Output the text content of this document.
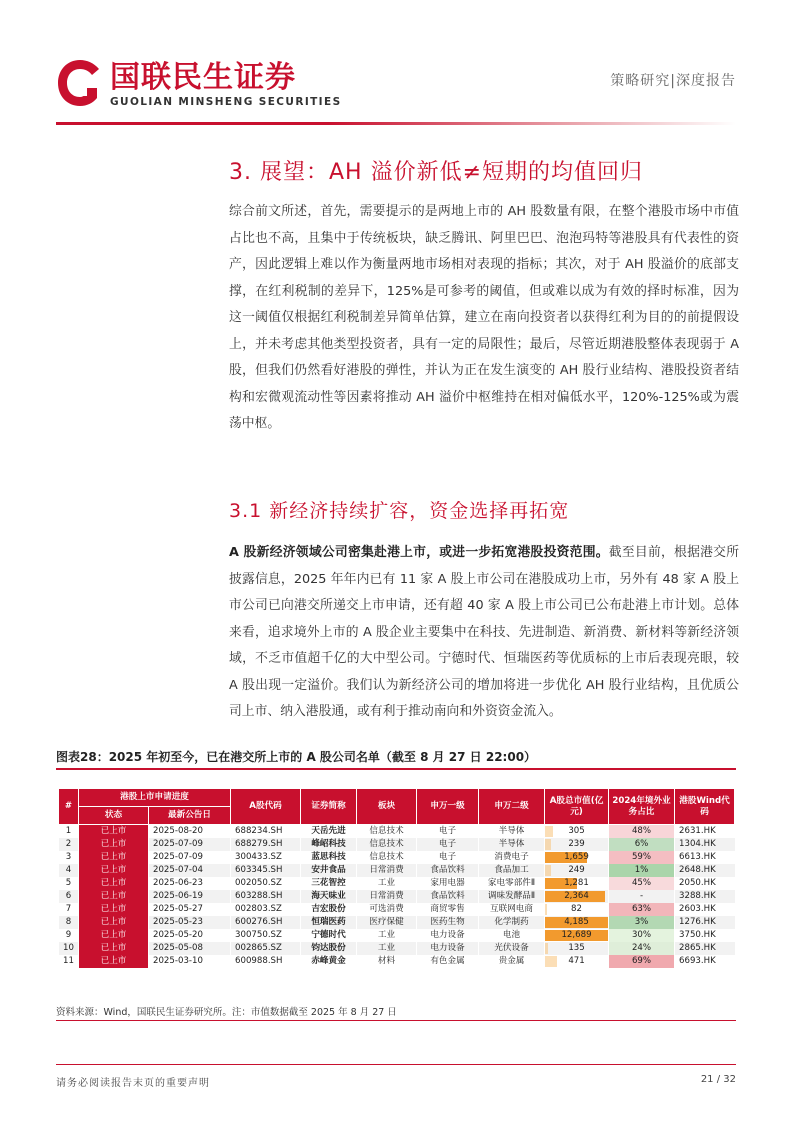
国联民生证券
GUOLIAN MINSHENG SECURITIES
策略研究|深度报告
3. 展望：AH 溢价新低≠短期的均值回归
综合前文所述，首先，需要提示的是两地上市的 AH 股数量有限，在整个港股市场中市值占比也不高，且集中于传统板块，缺乏腾讯、阿里巴巴、泡泡玛特等港股具有代表性的资产，因此逻辑上难以作为衡量两地市场相对表现的指标；其次，对于 AH 股溢价的底部支撑，在红利税制的差异下，125%是可参考的阈值，但或难以成为有效的择时标准，因为这一阈值仅根据红利税制差异简单估算，建立在南向投资者以获得红利为目的的前提假设上，并未考虑其他类型投资者，具有一定的局限性；最后，尽管近期港股整体表现弱于 A 股，但我们仍然看好港股的弹性，并认为正在发生演变的 AH 股行业结构、港股投资者结构和宏微观流动性等因素将推动 AH 溢价中枢维持在相对偏低水平，120%-125%或为震荡中枢。
3.1 新经济持续扩容，资金选择再拓宽
A 股新经济领域公司密集赴港上市，或进一步拓宽港股投资范围。截至目前，根据港交所披露信息，2025 年年内已有 11 家 A 股上市公司在港股成功上市，另外有 48 家 A 股上市公司已向港交所递交上市申请，还有超 40 家 A 股上市公司已公布赴港上市计划。总体来看，追求境外上市的 A 股企业主要集中在科技、先进制造、新消费、新材料等新经济领域，不乏市值超千亿的大中型公司。宁德时代、恒瑞医药等优质标的上市后表现亮眼，较 A 股出现一定溢价。我们认为新经济公司的增加将进一步优化 AH 股行业结构，且优质公司上市、纳入港股通，或有利于推动南向和外资资金流入。
图表28：2025 年初至今，已在港交所上市的 A 股公司名单（截至 8 月 27 日 22:00）
#	港股上市申请进度		A股代码	证券简称	板块	申万一级	申万二级	A股总市值(亿元)	2024年境外业务占比	港股Wind代码
	状态	最新公告日								
1	已上市	2025-08-20	688234.SH	天岳先进	信息技术	电子	半导体	305	48%	2631.HK
2	已上市	2025-07-09	688279.SH	峰岹科技	信息技术	电子	半导体	239	6%	1304.HK
3	已上市	2025-07-09	300433.SZ	蓝思科技	信息技术	电子	消费电子	1,659	59%	6613.HK
4	已上市	2025-07-04	603345.SH	安井食品	日常消费	食品饮料	食品加工	249	1%	2648.HK
5	已上市	2025-06-23	002050.SZ	三花智控	工业	家用电器	家电零部件Ⅱ	1,281	45%	2050.HK
6	已上市	2025-06-19	603288.SH	海天味业	日常消费	食品饮料	调味发酵品Ⅱ	2,364	-	3288.HK
7	已上市	2025-05-27	002803.SZ	吉宏股份	可选消费	商贸零售	互联网电商	82	63%	2603.HK
8	已上市	2025-05-23	600276.SH	恒瑞医药	医疗保健	医药生物	化学制药	4,185	3%	1276.HK
9	已上市	2025-05-20	300750.SZ	宁德时代	工业	电力设备	电池	12,689	30%	3750.HK
10	已上市	2025-05-08	002865.SZ	钧达股份	工业	电力设备	光伏设备	135	24%	2865.HK
11	已上市	2025-03-10	600988.SH	赤峰黄金	材料	有色金属	贵金属	471	69%	6693.HK
资料来源：Wind，国联民生证券研究所。注：市值数据截至 2025 年 8 月 27 日
请务必阅读报告末页的重要声明	21 / 32
